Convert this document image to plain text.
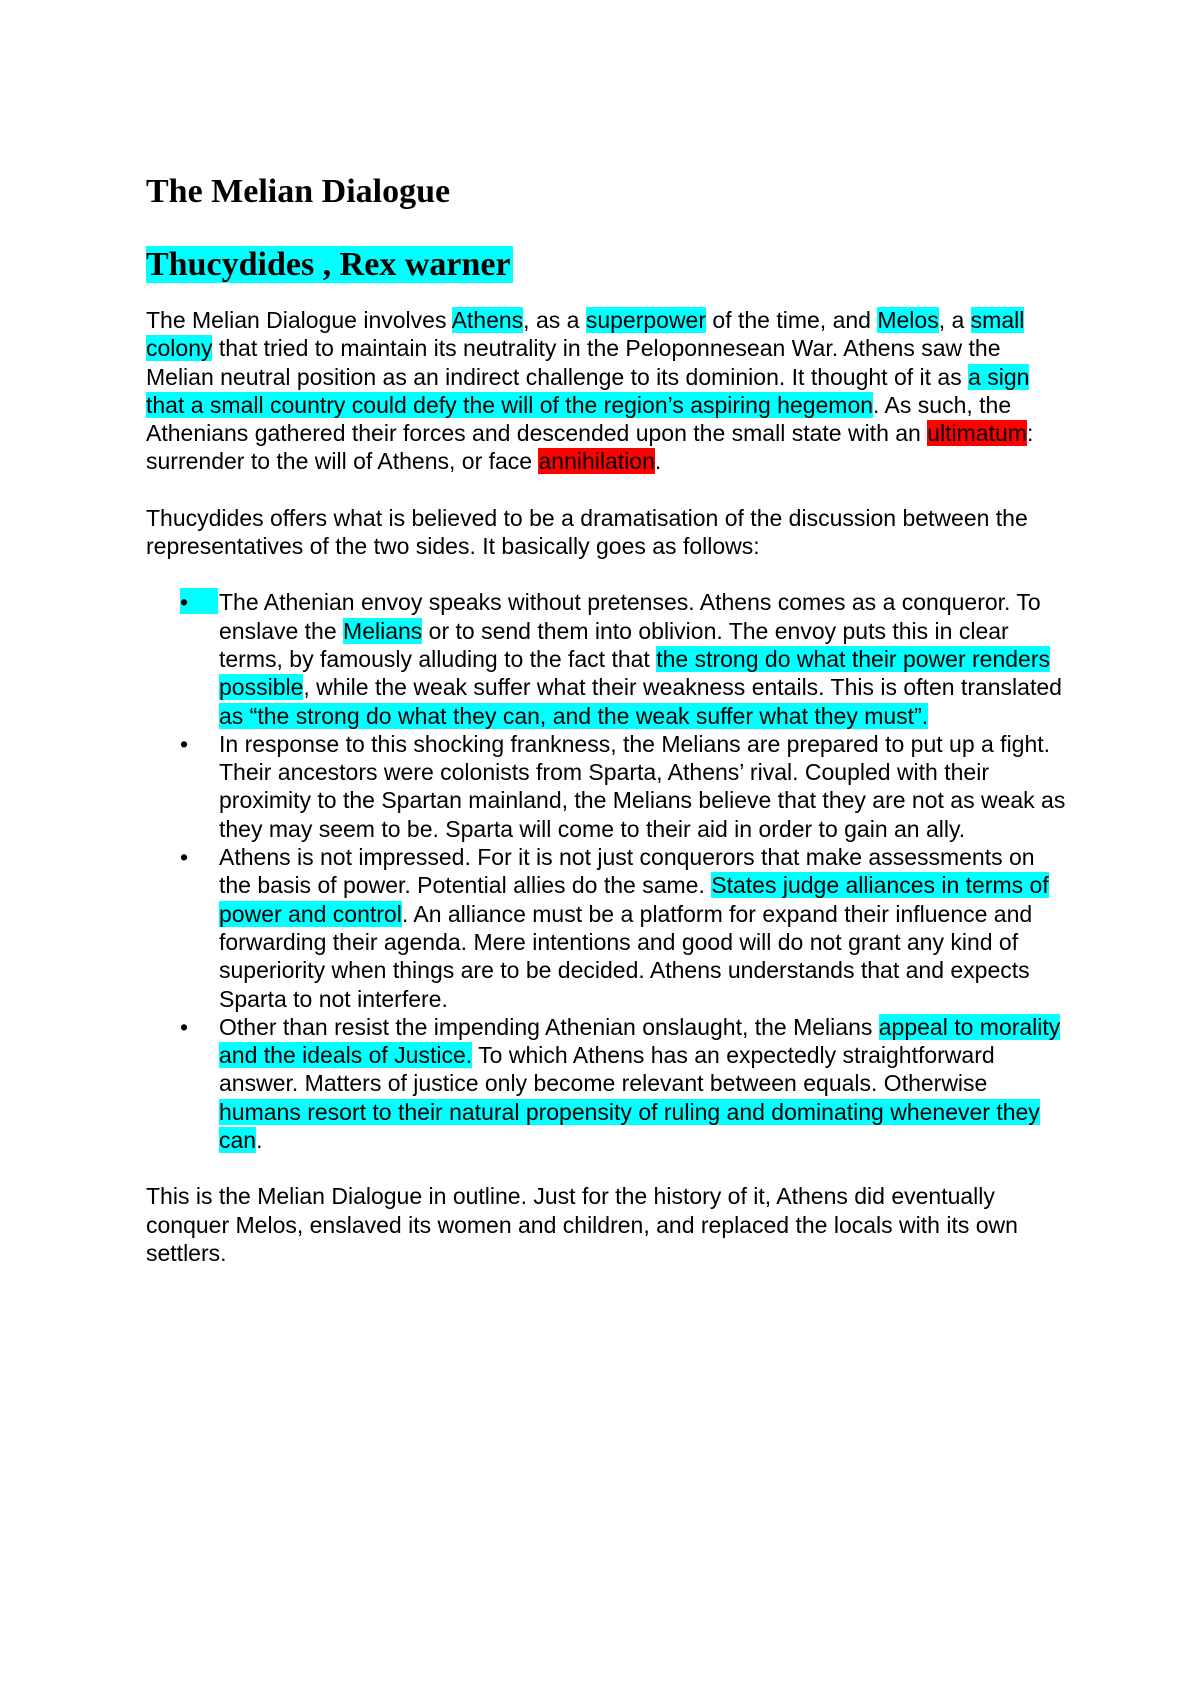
The Melian Dialogue
Thucydides , Rex warner

The Melian Dialogue involves Athens, as a superpower of the time, and Melos, a small colony that tried to maintain its neutrality in the Peloponnesean War. Athens saw the Melian neutral position as an indirect challenge to its dominion. It thought of it as a sign that a small country could defy the will of the region’s aspiring hegemon. As such, the Athenians gathered their forces and descended upon the small state with an ultimatum: surrender to the will of Athens, or face annihilation.

Thucydides offers what is believed to be a dramatisation of the discussion between the representatives of the two sides. It basically goes as follows:

•	The Athenian envoy speaks without pretenses. Athens comes as a conqueror. To enslave the Melians or to send them into oblivion. The envoy puts this in clear terms, by famously alluding to the fact that the strong do what their power renders possible, while the weak suffer what their weakness entails. This is often translated as “the strong do what they can, and the weak suffer what they must”.
•	In response to this shocking frankness, the Melians are prepared to put up a fight. Their ancestors were colonists from Sparta, Athens’ rival. Coupled with their proximity to the Spartan mainland, the Melians believe that they are not as weak as they may seem to be. Sparta will come to their aid in order to gain an ally.
•	Athens is not impressed. For it is not just conquerors that make assessments on the basis of power. Potential allies do the same. States judge alliances in terms of power and control. An alliance must be a platform for expand their influence and forwarding their agenda. Mere intentions and good will do not grant any kind of superiority when things are to be decided. Athens understands that and expects Sparta to not interfere.
•	Other than resist the impending Athenian onslaught, the Melians appeal to morality and the ideals of Justice. To which Athens has an expectedly straightforward answer. Matters of justice only become relevant between equals. Otherwise humans resort to their natural propensity of ruling and dominating whenever they can.

This is the Melian Dialogue in outline. Just for the history of it, Athens did eventually conquer Melos, enslaved its women and children, and replaced the locals with its own settlers.
